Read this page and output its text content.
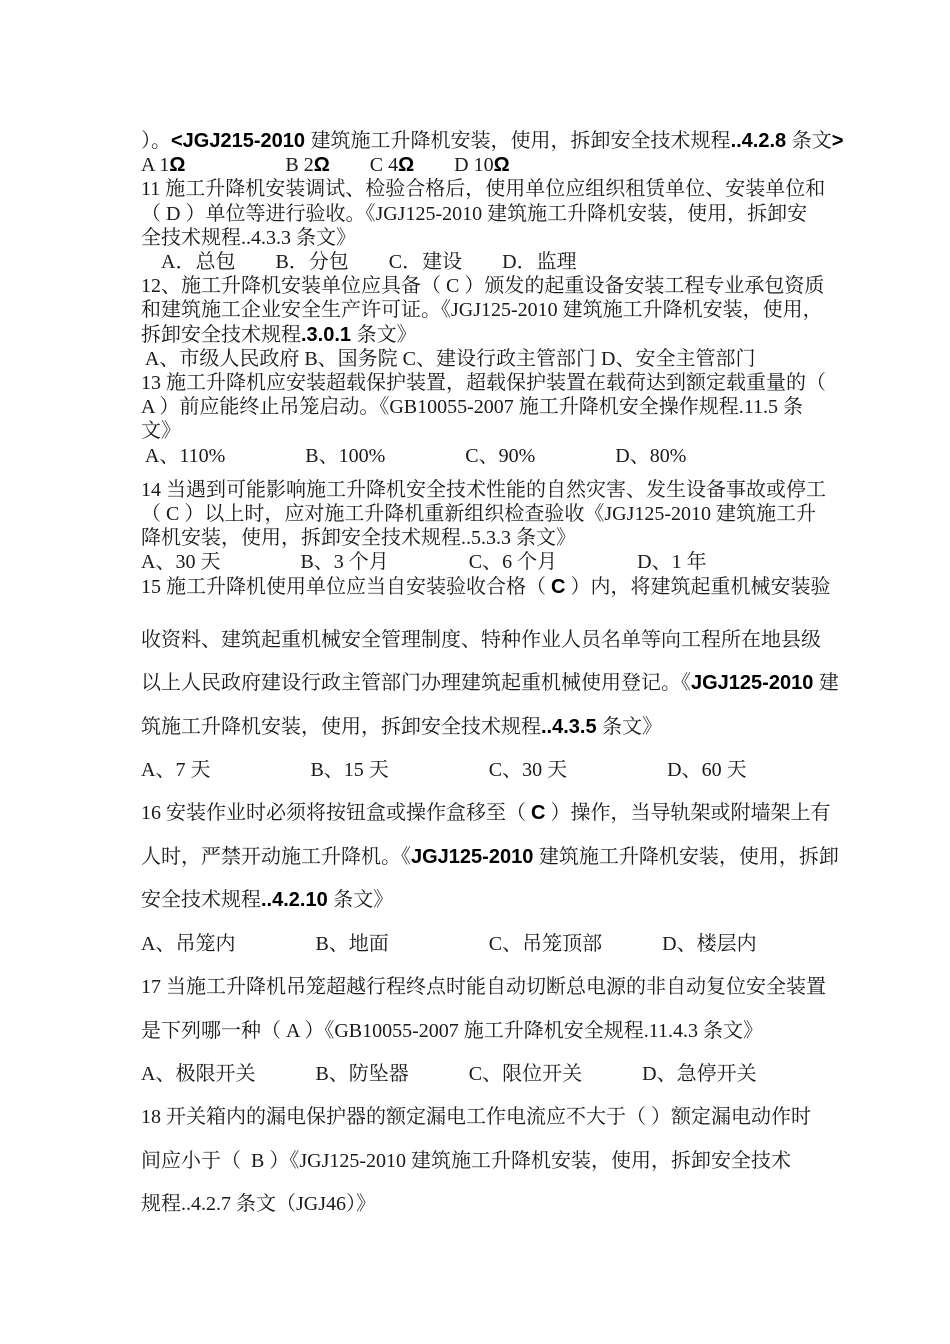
）。<JGJ215-2010 建筑施工升降机安装，使用，拆卸安全技术规程..4.2.8 条文>
A 1Ω　　　　　B 2Ω　　C 4Ω　　D 10Ω
11 施工升降机安装调试、检验合格后，使用单位应组织租赁单位、安装单位和
（ D ）单位等进行验收。《JGJ125-2010 建筑施工升降机安装，使用，拆卸安
全技术规程..4.3.3 条文》
　A．总包　　B．分包　　C．建设　　D．监理
12、施工升降机安装单位应具备（ C ）颁发的起重设备安装工程专业承包资质
和建筑施工企业安全生产许可证。《JGJ125-2010 建筑施工升降机安装，使用，
拆卸安全技术规程.3.0.1 条文》
A、市级人民政府 B、国务院 C、建设行政主管部门 D、安全主管部门
13 施工升降机应安装超载保护装置，超载保护装置在载荷达到额定载重量的（
A ）前应能终止吊笼启动。《GB10055-2007 施工升降机安全操作规程.11.5 条
文》
A、110%　　　　B、100%　　　　C、90%　　　　D、80%
14 当遇到可能影响施工升降机安全技术性能的自然灾害、发生设备事故或停工
（ C ）以上时，应对施工升降机重新组织检查验收《JGJ125-2010 建筑施工升
降机安装，使用，拆卸安全技术规程..5.3.3 条文》
A、30 天　　　　B、3 个月　　　　C、6 个月　　　　D、1 年
15 施工升降机使用单位应当自安装验收合格（ C ）内，将建筑起重机械安装验
收资料、建筑起重机械安全管理制度、特种作业人员名单等向工程所在地县级
以上人民政府建设行政主管部门办理建筑起重机械使用登记。《JGJ125-2010 建
筑施工升降机安装，使用，拆卸安全技术规程..4.3.5 条文》
A、7 天　　　　　B、15 天　　　　　C、30 天　　　　　D、60 天
16 安装作业时必须将按钮盒或操作盒移至（ C ）操作，当导轨架或附墙架上有
人时，严禁开动施工升降机。《JGJ125-2010 建筑施工升降机安装，使用，拆卸
安全技术规程..4.2.10 条文》
A、吊笼内　　　　B、地面　　　　　C、吊笼顶部　　　D、楼层内
17 当施工升降机吊笼超越行程终点时能自动切断总电源的非自动复位安全装置
是下列哪一种（ A ）《GB10055-2007 施工升降机安全规程.11.4.3 条文》
A、极限开关　　　B、防坠器　　　C、限位开关　　　D、急停开关
18 开关箱内的漏电保护器的额定漏电工作电流应不大于（ ）额定漏电动作时
间应小于（  B ）《JGJ125-2010 建筑施工升降机安装，使用，拆卸安全技术
规程..4.2.7 条文（JGJ46）》
